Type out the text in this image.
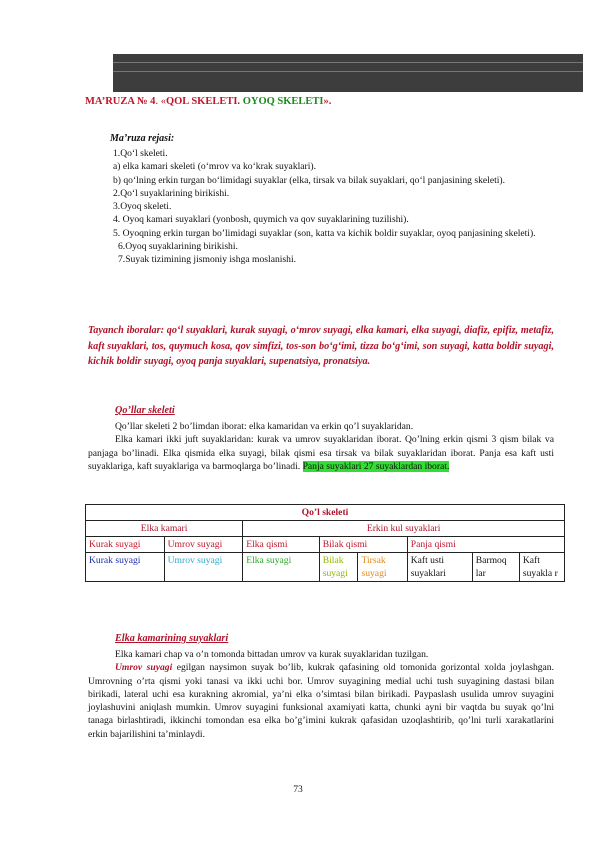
MA’RUZA № 4. «QOL SKELETI. OYOQ SKELETI».
Ma’ruza rejasi:
1.Qo‘l skeleti.
a) elka kamari skeleti (o‘mrov va ko‘krak suyaklari).
b) qo‘lning erkin turgan bo‘limidagi suyaklar (elka, tirsak va bilak suyaklari, qo‘l panjasining skeleti).
2.Qo‘l suyaklarining birikishi.
3.Oyoq skeleti.
4. Oyoq kamari suyaklari (yonbosh, quymich va qov suyaklarining tuzilishi).
5. Oyoqning erkin turgan bo’limidagi suyaklar (son, katta va kichik boldir suyaklar, oyoq panjasining skeleti).
6.Oyoq suyaklarining birikishi.
7.Suyak tizimining jismoniy ishga moslanishi.
Tayanch iboralar: qo‘l suyaklari, kurak suyagi, o‘mrov suyagi, elka kamari, elka suyagi, diafiz, epifiz, metafiz, kaft suyaklari, tos, quymuch kosa, qov simfizi, tos-son bo‘g‘imi, tizza bo‘g‘imi, son suyagi, katta boldir suyagi, kichik boldir suyagi, oyoq panja suyaklari, supenatsiya, pronatsiya.
Qo’llar skeleti

Qo’llar skeleti 2 bo’limdan iborat: elka kamaridan va erkin qo’l suyaklaridan.

Elka kamari ikki juft suyaklaridan: kurak va umrov suyaklaridan iborat. Qo’lning erkin qismi 3 qism bilak va panjaga bo’linadi. Elka qismida elka suyagi, bilak qismi esa tirsak va bilak suyaklaridan iborat. Panja esa kaft usti suyaklariga, kaft suyaklariga va barmoqlarga bo’linadi. Panja suyaklari 27 suyaklardan iborat.

Qo’l skeleti							
Elka kamari		Erkin kul suyaklari					
Kurak suyagi	Umrov suyagi	Elka qismi	Bilak qismi		Panja qismi		
Kurak suyagi	Umrov suyagi	Elka suyagi	Bilak suyagi	Tirsak suyagi	Kaft usti suyaklari	Barmoq lar	Kaft suyakla r
Elka kamarining suyaklari

Elka kamari chap va o’n tomonda bittadan umrov va kurak suyaklaridan tuzilgan.

Umrov suyagi egilgan naysimon suyak bo’lib, kukrak qafasining old tomonida gorizontal xolda joylashgan. Umrovning o’rta qismi yoki tanasi va ikki uchi bor. Umrov suyagining medial uchi tush suyagining dastasi bilan birikadi, lateral uchi esa kurakning akromial, ya’ni elka o’simtasi bilan birikadi. Paypaslash usulida umrov suyagini joylashuvini aniqlash mumkin. Umrov suyagini funksional axamiyati katta, chunki ayni bir vaqtda bu suyak qo’lni tanaga birlashtiradi, ikkinchi tomondan esa elka bo’g’imini kukrak qafasidan uzoqlashtirib, qo’lni turli xarakatlarini erkin bajarilishini ta’minlaydi.

73
